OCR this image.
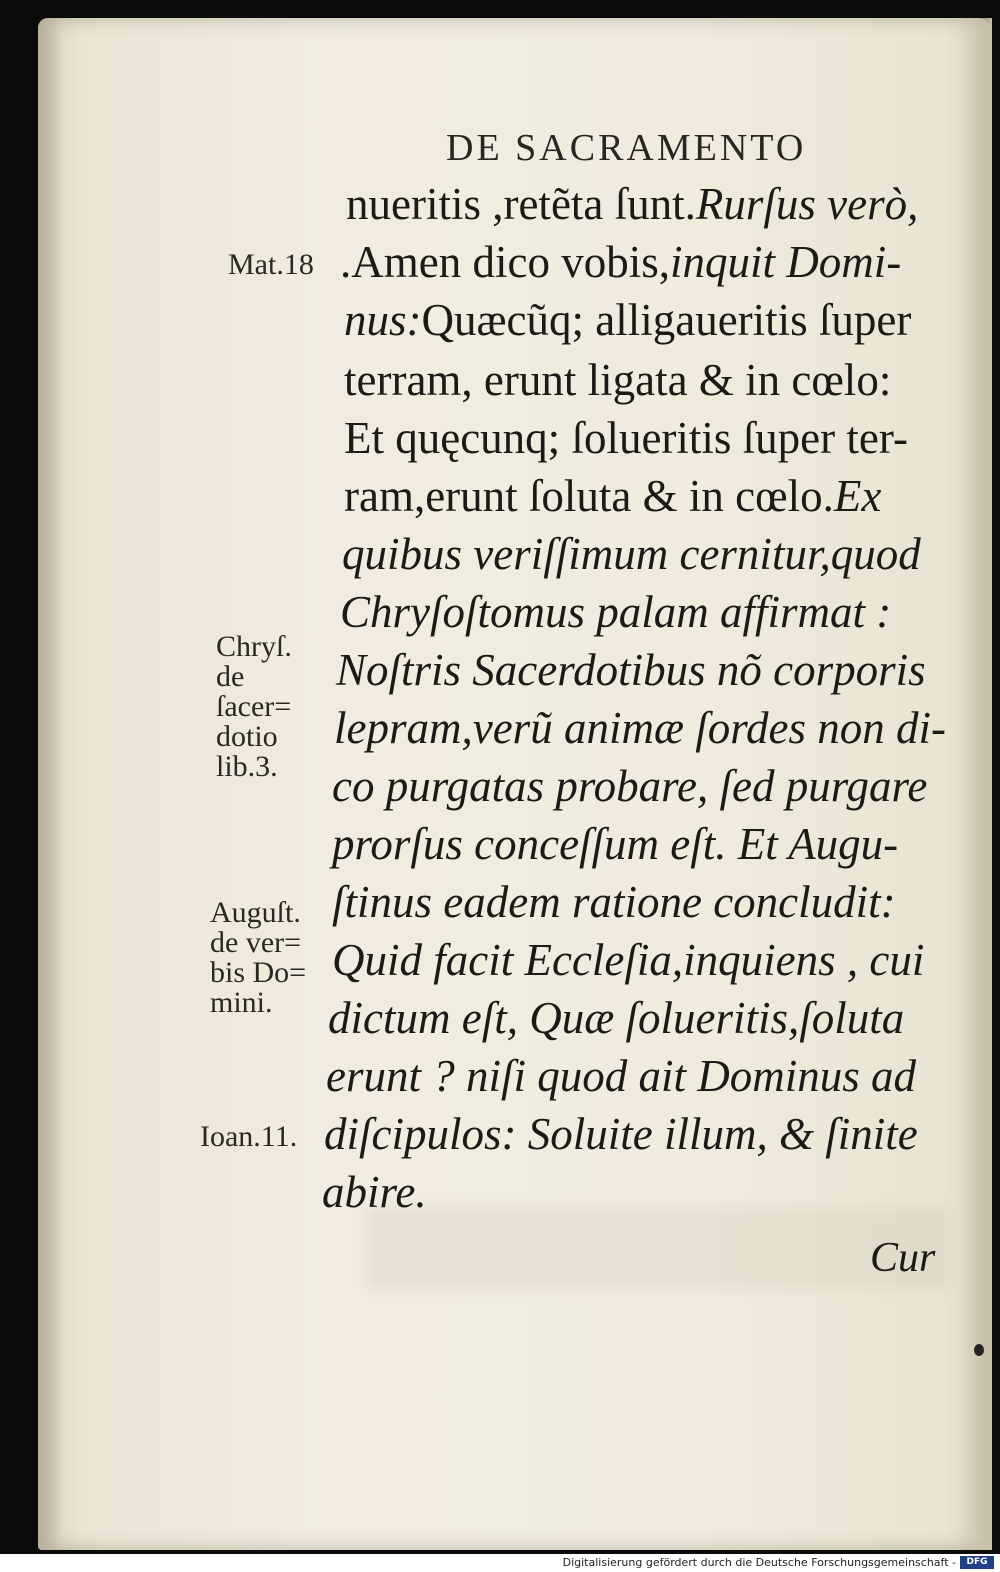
DE SACRAMENTO
nueritis ,retẽta ſunt.Rurſus verò,
.Amen dico vobis,inquit Domi-
nus:Quæcũq; alligaueritis ſuper
terram, erunt ligata & in cœlo:
Et quęcunq; ſolueritis ſuper ter-
ram,erunt ſoluta & in cœlo.Ex
quibus veriſſimum cernitur,quod
Chryſoſtomus palam affirmat :
Noſtris Sacerdotibus nõ corporis
lepram,verũ animæ ſordes non di-
co purgatas probare, ſed purgare
prorſus conceſſum eſt. Et Augu-
ſtinus eadem ratione concludit:
Quid facit Eccleſia,inquiens , cui
dictum eſt, Quæ ſolueritis,ſoluta
erunt ? niſi quod ait Dominus ad
diſcipulos: Soluite illum, & ſinite
abire.
Mat.18
Chryſ. de ſacer= dotio lib.3.
Auguſt. de ver= bis Do= mini.
Ioan.11.
Cur
Digitalisierung gefördert durch die Deutsche Forschungsgemeinschaft -	DFG
